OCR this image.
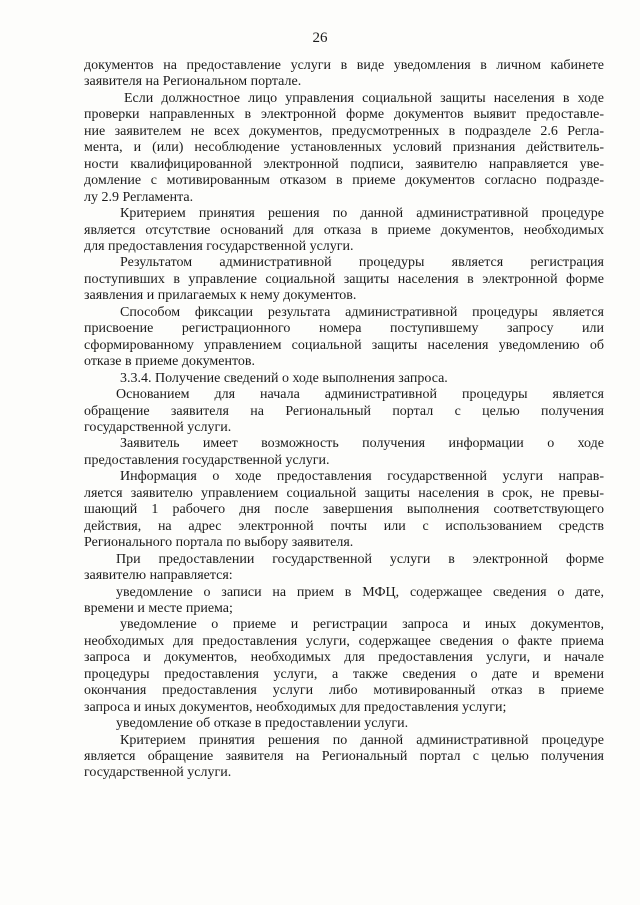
26
документов на предоставление услуги в виде уведомления в личном кабинете
заявителя на Региональном портале.
Если должностное лицо управления социальной защиты населения в ходе
проверки направленных в электронной форме документов выявит предоставле-
ние заявителем не всех документов, предусмотренных в подразделе 2.6 Регла-
мента, и (или) несоблюдение установленных условий признания действитель-
ности квалифицированной электронной подписи, заявителю направляется уве-
домление с мотивированным отказом в приеме документов согласно подразде-
лу 2.9 Регламента.
Критерием принятия решения по данной административной процедуре
является отсутствие оснований для отказа в приеме документов, необходимых
для предоставления государственной услуги.
Результатом административной процедуры является регистрация
поступивших в управление социальной защиты населения в электронной форме
заявления и прилагаемых к нему документов.
Способом фиксации результата административной процедуры является
присвоение регистрационного номера поступившему запросу или
сформированному управлением социальной защиты населения уведомлению об
отказе в приеме документов.
3.3.4. Получение сведений о ходе выполнения запроса.
Основанием для начала административной процедуры является
обращение заявителя на Региональный портал с целью получения
государственной услуги.
Заявитель имеет возможность получения информации о ходе
предоставления государственной услуги.
Информация о ходе предоставления государственной услуги направ-
ляется заявителю управлением социальной защиты населения в срок, не превы-
шающий 1 рабочего дня после завершения выполнения соответствующего
действия, на адрес электронной почты или с использованием средств
Регионального портала по выбору заявителя.
При предоставлении государственной услуги в электронной форме
заявителю направляется:
уведомление о записи на прием в МФЦ, содержащее сведения о дате,
времени и месте приема;
уведомление о приеме и регистрации запроса и иных документов,
необходимых для предоставления услуги, содержащее сведения о факте приема
запроса и документов, необходимых для предоставления услуги, и начале
процедуры предоставления услуги, а также сведения о дате и времени
окончания предоставления услуги либо мотивированный отказ в приеме
запроса и иных документов, необходимых для предоставления услуги;
уведомление об отказе в предоставлении услуги.
Критерием принятия решения по данной административной процедуре
является обращение заявителя на Региональный портал с целью получения
государственной услуги.
